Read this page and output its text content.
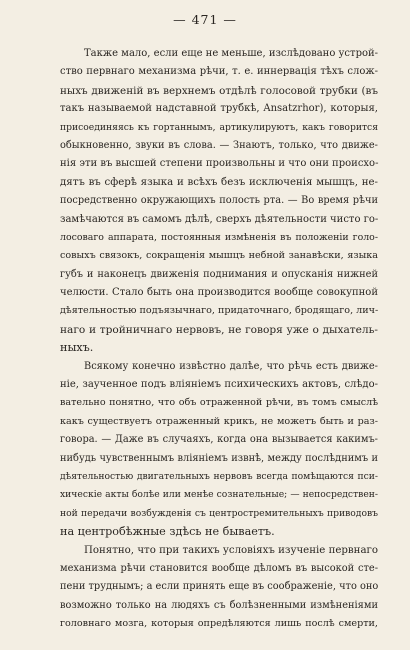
— 471 —
Также мало, если еще не меньше, изслѣдовано устрой-
ство первнаго механизма рѣчи, т. е. иннервація тѣхъ слож-
ныхъ движеній въ верхнемъ отдѣлѣ голосовой трубки (въ
такъ называемой надставной трубкѣ, Ansatzrhor), которыя,
присоединяясь къ гортаннымъ, артикулируютъ, какъ говорится
обыкновенно, звуки въ слова. — Знаютъ, только, что движе-
нія эти въ высшей степени произвольны и что они происхо-
дятъ въ сферѣ языка и всѣхъ безъ исключенія мышцъ, не-
посредственно окружающихъ полость рта. — Во время рѣчи
замѣчаются въ самомъ дѣлѣ, сверхъ дѣятельности чисто го-
лосоваго аппарата, постоянныя измѣненія въ положеніи голо-
совыхъ связокъ, сокращенія мышцъ небной занавѣски, языка
губъ и наконецъ движенія поднимания и опусканія нижней
челюсти. Стало быть она производится вообще совокупной
дѣятельностью подъязычнаго, придаточнаго, бродящаго, лич-
наго и тройничнаго нервовъ, не говоря уже о дыхатель-
ныхъ.
Всякому конечно извѣстно далѣе, что рѣчь есть движе-
ніе, заученное подъ вліяніемъ психическихъ актовъ, слѣдо-
вательно понятно, что объ отраженной рѣчи, въ томъ смыслѣ
какъ существуетъ отраженный крикъ, не можетъ быть и раз-
говора. — Даже въ случаяхъ, когда она вызывается какимъ-
нибудь чувственнымъ вліяніемъ извнѣ, между послѣднимъ и
дѣятельностью двигательныхъ нервовъ всегда помѣщаются пси-
хическіе акты болѣе или менѣе сознательные; — непосредствен-
ной передачи возбужденія съ центростремительныхъ приводовъ
на центробѣжные здѣсь не бываетъ.
Понятно, что при такихъ условіяхъ изученіе первнаго
механизма рѣчи становится вообще дѣломъ въ высокой сте-
пени труднымъ; а если принять еще въ соображеніе, что оно
возможно только на людяхъ съ болѣзненными измѣненіями
головнаго мозга, которыя опредѣляются лишь послѣ смерти,
